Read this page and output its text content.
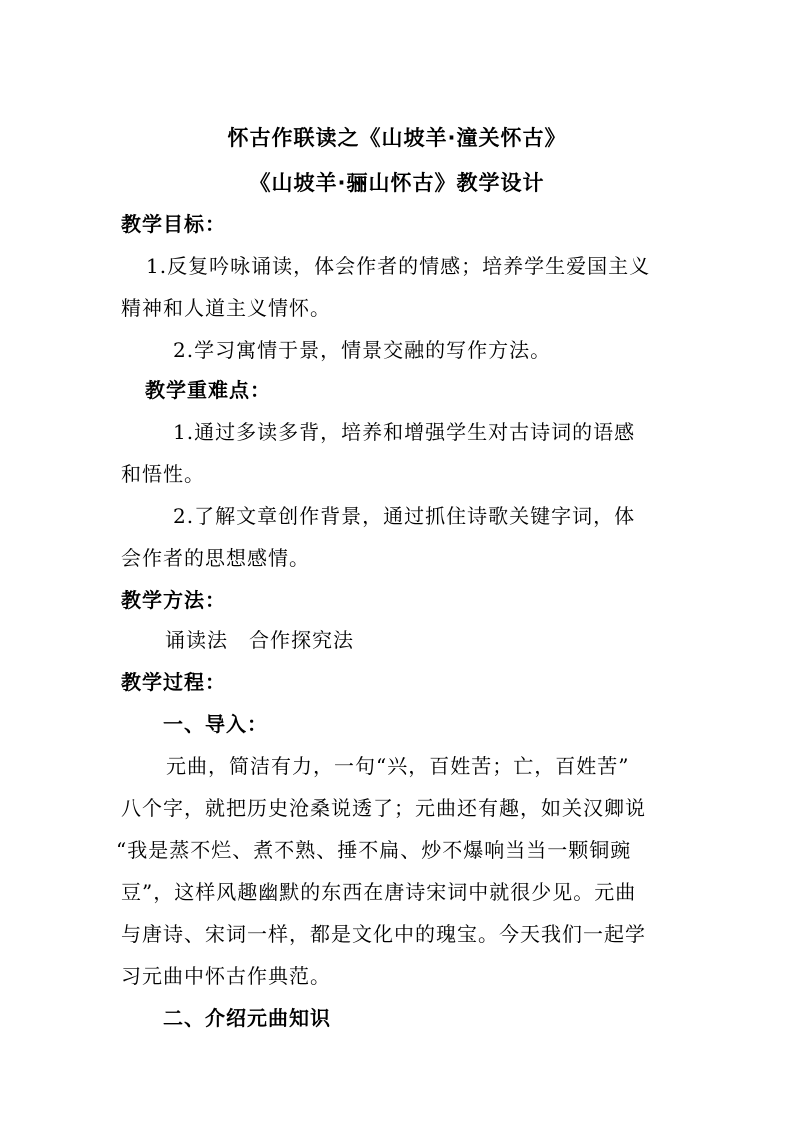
怀古作联读之《山坡羊·潼关怀古》
《山坡羊·骊山怀古》教学设计
教学目标：
1.反复吟咏诵读，体会作者的情感；培养学生爱国主义
精神和人道主义情怀。
2.学习寓情于景，情景交融的写作方法。
教学重难点：
1.通过多读多背，培养和增强学生对古诗词的语感
和悟性。
2.了解文章创作背景，通过抓住诗歌关键字词，体
会作者的思想感情。
教学方法：
诵读法　合作探究法
教学过程：
一、导入：
元曲，简洁有力，一句“兴，百姓苦；亡，百姓苦”
八个字，就把历史沧桑说透了；元曲还有趣，如关汉卿说
“我是蒸不烂、煮不熟、捶不扁、炒不爆响当当一颗铜豌
豆”，这样风趣幽默的东西在唐诗宋词中就很少见。元曲
与唐诗、宋词一样，都是文化中的瑰宝。今天我们一起学
习元曲中怀古作典范。
二、介绍元曲知识
